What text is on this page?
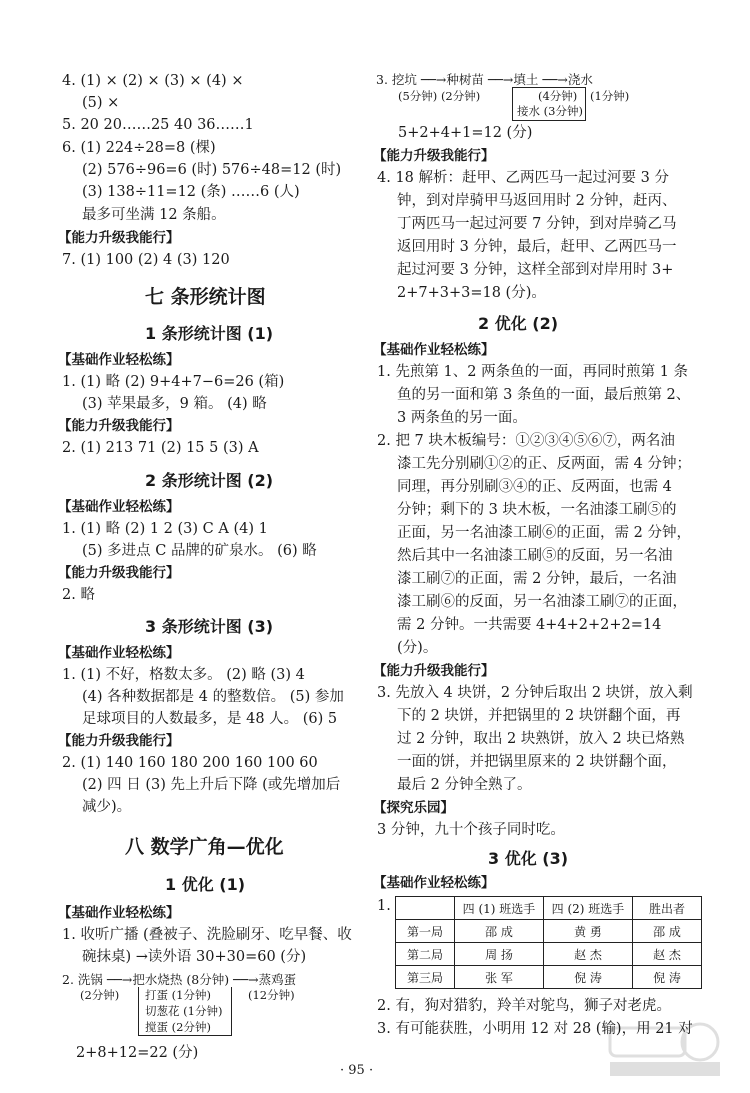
4. (1) × (2) × (3) × (4) ×
(5) ×
5. 20 20……25 40 36……1
6. (1) 224÷28=8 (棵)
(2) 576÷96=6 (时) 576÷48=12 (时)
(3) 138÷11=12 (条) ……6 (人)
最多可坐满 12 条船。
【能力升级我能行】
7. (1) 100 (2) 4 (3) 120
七 条形统计图
1 条形统计图 (1)
【基础作业轻松练】
1. (1) 略 (2) 9+4+7−6=26 (箱)
(3) 苹果最多，9 箱。 (4) 略
【能力升级我能行】
2. (1) 213 71 (2) 15 5 (3) A
2 条形统计图 (2)
【基础作业轻松练】
1. (1) 略 (2) 1 2 (3) C A (4) 1
(5) 多进点 C 品牌的矿泉水。 (6) 略
【能力升级我能行】
2. 略
3 条形统计图 (3)
【基础作业轻松练】
1. (1) 不好，格数太多。 (2) 略 (3) 4
(4) 各种数据都是 4 的整数倍。 (5) 参加
足球项目的人数最多，是 48 人。 (6) 5
【能力升级我能行】
2. (1) 140 160 180 200 160 100 60
(2) 四 日 (3) 先上升后下降 (或先增加后
减少)。
八 数学广角—优化
1 优化 (1)
【基础作业轻松练】
1. 收听广播 (叠被子、洗脸刷牙、吃早餐、收
碗抹桌) →读外语 30+30=60 (分)
2. 洗锅 ──→把水烧热 (8分钟) ──→蒸鸡蛋
(2分钟) 打蛋 (1分钟)	(12分钟)
切葱花 (1分钟)
搅蛋 (2分钟)
2+8+12=22 (分)
3. 挖坑 ──→种树苗 ──→填土 ──→浇水
(5分钟) (2分钟)	(4分钟) (1分钟)
接水 (3分钟)
5+2+4+1=12 (分)
【能力升级我能行】
4. 18 解析：赶甲、乙两匹马一起过河要 3 分
钟，到对岸骑甲马返回用时 2 分钟，赶丙、
丁两匹马一起过河要 7 分钟，到对岸骑乙马
返回用时 3 分钟，最后，赶甲、乙两匹马一
起过河要 3 分钟，这样全部到对岸用时 3+
2+7+3+3=18 (分)。
2 优化 (2)
【基础作业轻松练】
1. 先煎第 1、2 两条鱼的一面，再同时煎第 1 条
鱼的另一面和第 3 条鱼的一面，最后煎第 2、
3 两条鱼的另一面。
2. 把 7 块木板编号：①②③④⑤⑥⑦，两名油
漆工先分别刷①②的正、反两面，需 4 分钟；
同理，再分别刷③④的正、反两面，也需 4
分钟；剩下的 3 块木板，一名油漆工刷⑤的
正面，另一名油漆工刷⑥的正面，需 2 分钟，
然后其中一名油漆工刷⑤的反面，另一名油
漆工刷⑦的正面，需 2 分钟，最后，一名油
漆工刷⑥的反面，另一名油漆工刷⑦的正面，
需 2 分钟。一共需要 4+4+2+2+2=14
(分)。
【能力升级我能行】
3. 先放入 4 块饼，2 分钟后取出 2 块饼，放入剩
下的 2 块饼，并把锅里的 2 块饼翻个面，再
过 2 分钟，取出 2 块熟饼，放入 2 块已烙熟
一面的饼，并把锅里原来的 2 块饼翻个面，
最后 2 分钟全熟了。
【探究乐园】
3 分钟，九十个孩子同时吃。
3 优化 (3)
【基础作业轻松练】
1.
		四 (1) 班选手	四 (2) 班选手	胜出者
第一局	邵 成	黄 勇	邵 成
第二局	周 扬	赵 杰	赵 杰
第三局	张 军	倪 涛	倪 涛
2. 有，狗对猎豹，羚羊对鸵鸟，狮子对老虎。
3. 有可能获胜，小明用 12 对 28 (输)，用 21 对
· 95 ·
